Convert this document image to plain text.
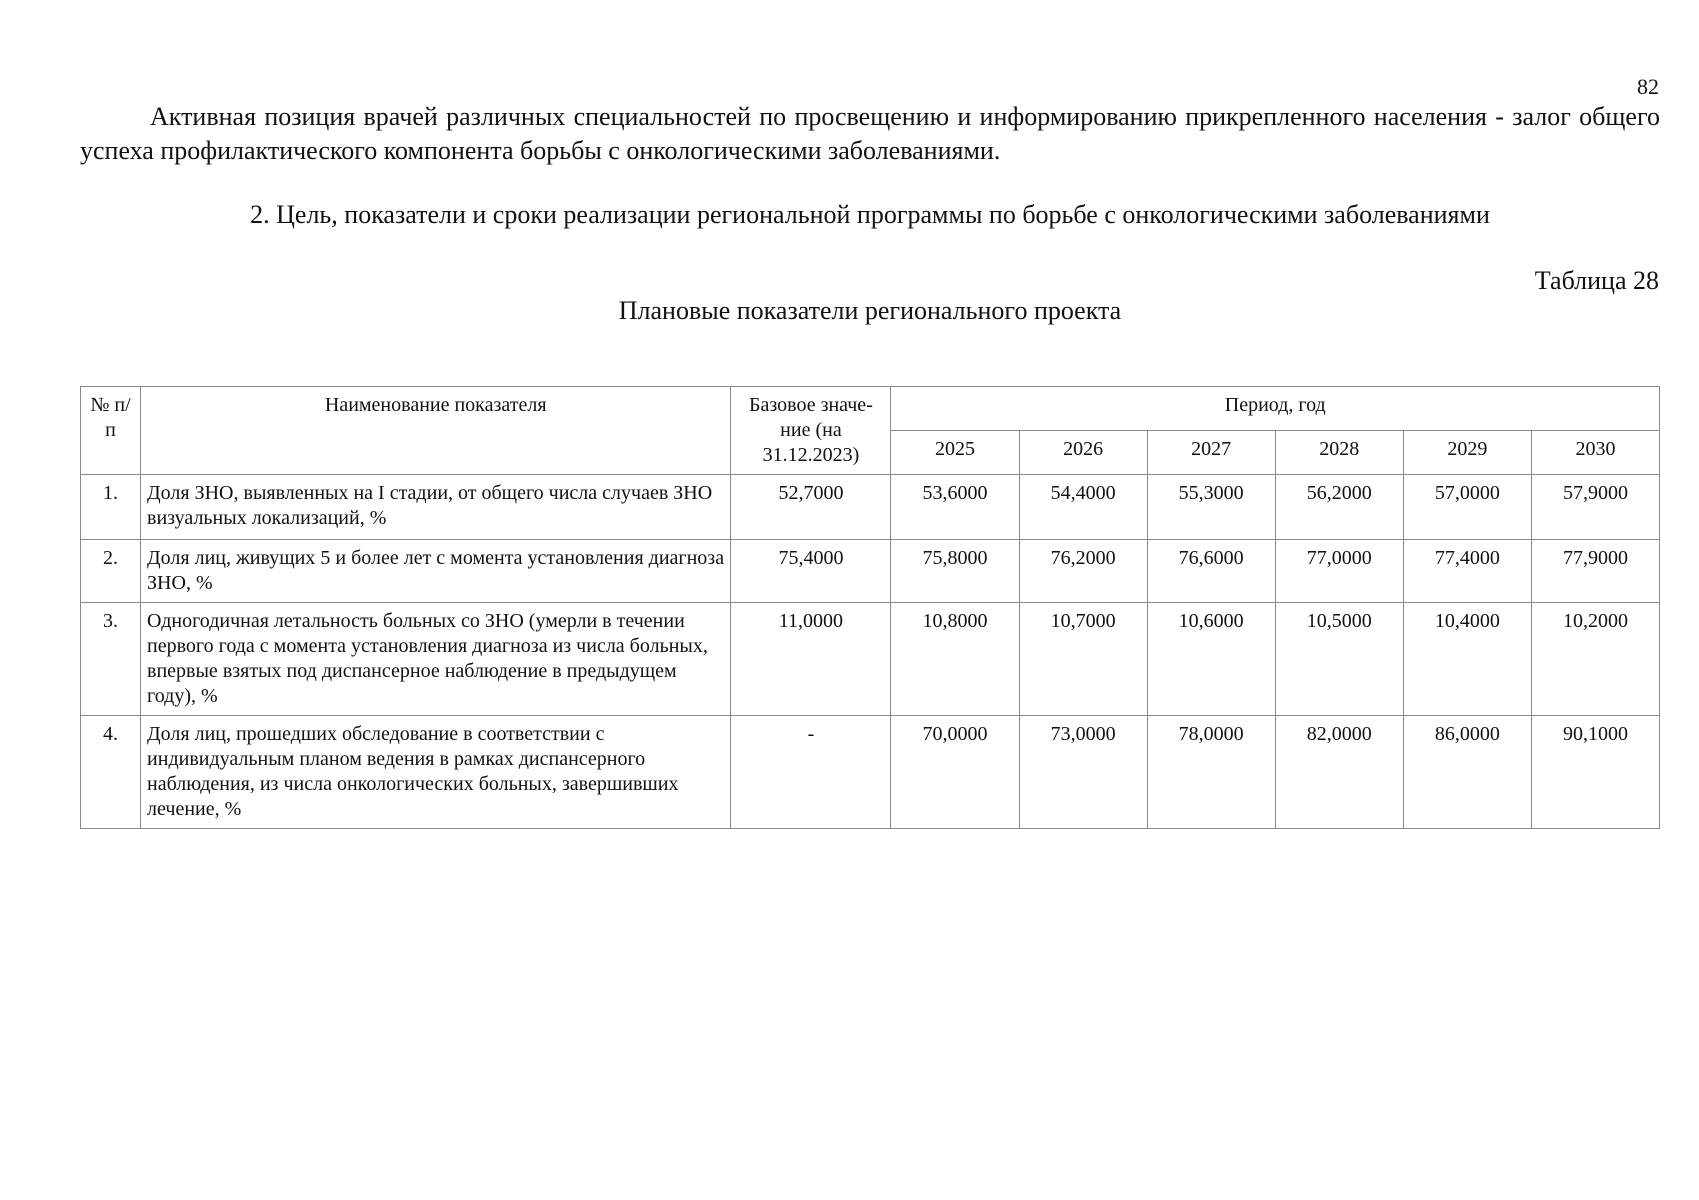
82

Активная позиция врачей различных специальностей по просвещению и информированию прикрепленного населения - залог общего успеха профилактического компонента борьбы с онкологическими заболеваниями.

2. Цель, показатели и сроки реализации региональной программы по борьбе с онкологическими заболеваниями

Таблица 28
Плановые показатели регионального проекта
№ п/п	Наименование показателя	Базовое значе-ние (на 31.12.2023)	Период, год					
			2025	2026	2027	2028	2029	2030
1.	Доля ЗНО, выявленных на I стадии, от общего числа случаев ЗНО визуальных локализаций, %	52,7000	53,6000	54,4000	55,3000	56,2000	57,0000	57,9000
2.	Доля лиц, живущих 5 и более лет с момента установления диагноза ЗНО, %	75,4000	75,8000	76,2000	76,6000	77,0000	77,4000	77,9000
3.	Одногодичная летальность больных со ЗНО (умерли в течении первого года с момента установления диагноза из числа больных, впервые взятых под диспансерное наблюдение в предыдущем году), %	11,0000	10,8000	10,7000	10,6000	10,5000	10,4000	10,2000
4.	Доля лиц, прошедших обследование в соответствии с индивидуальным планом ведения в рамках диспансерного наблюдения, из числа онкологических больных, завершивших лечение, %	-	70,0000	73,0000	78,0000	82,0000	86,0000	90,1000
